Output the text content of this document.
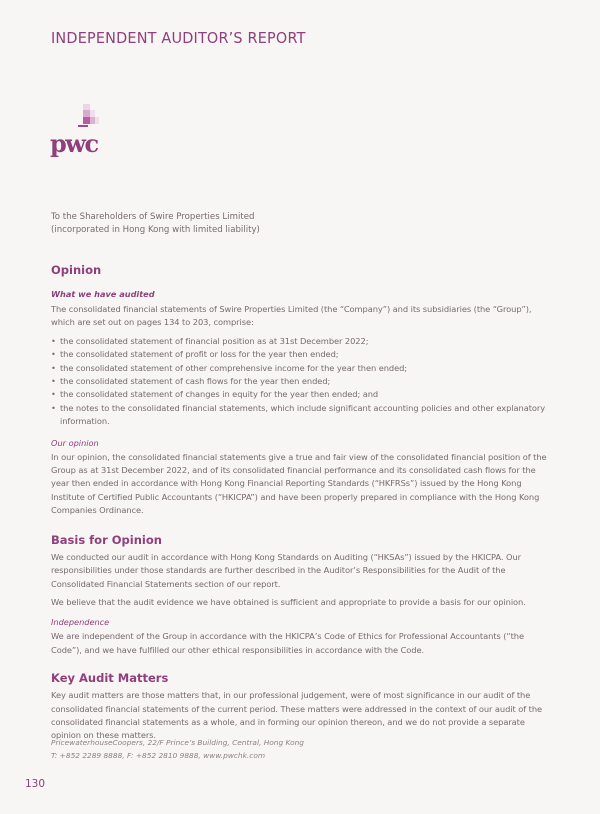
INDEPENDENT AUDITOR’S REPORT
pwc
To the Shareholders of Swire Properties Limited
(incorporated in Hong Kong with limited liability)
Opinion
What we have audited

The consolidated financial statements of Swire Properties Limited (the “Company”) and its subsidiaries (the “Group”), which are set out on pages 134 to 203, comprise:

• the consolidated statement of financial position as at 31st December 2022;
• the consolidated statement of profit or loss for the year then ended;
• the consolidated statement of other comprehensive income for the year then ended;
• the consolidated statement of cash flows for the year then ended;
• the consolidated statement of changes in equity for the year then ended; and
• the notes to the consolidated financial statements, which include significant accounting policies and other explanatory information.
Our opinion

In our opinion, the consolidated financial statements give a true and fair view of the consolidated financial position of the Group as at 31st December 2022, and of its consolidated financial performance and its consolidated cash flows for the year then ended in accordance with Hong Kong Financial Reporting Standards (“HKFRSs”) issued by the Hong Kong Institute of Certified Public Accountants (“HKICPA”) and have been properly prepared in compliance with the Hong Kong Companies Ordinance.

Basis for Opinion

We conducted our audit in accordance with Hong Kong Standards on Auditing (“HKSAs”) issued by the HKICPA. Our responsibilities under those standards are further described in the Auditor’s Responsibilities for the Audit of the Consolidated Financial Statements section of our report.

We believe that the audit evidence we have obtained is sufficient and appropriate to provide a basis for our opinion.

Independence

We are independent of the Group in accordance with the HKICPA’s Code of Ethics for Professional Accountants (“the Code”), and we have fulfilled our other ethical responsibilities in accordance with the Code.

Key Audit Matters

Key audit matters are those matters that, in our professional judgement, were of most significance in our audit of the consolidated financial statements of the current period. These matters were addressed in the context of our audit of the consolidated financial statements as a whole, and in forming our opinion thereon, and we do not provide a separate opinion on these matters.

PricewaterhouseCoopers, 22/F Prince’s Building, Central, Hong Kong
T: +852 2289 8888, F: +852 2810 9888, www.pwchk.com
130
